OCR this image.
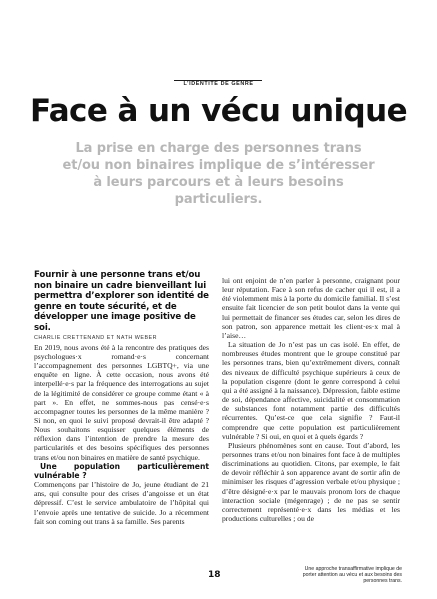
L’IDENTITÉ DE GENRE
Face à un vécu unique
La prise en charge des personnes trans et/ou non binaires implique de s’intéresser à leurs parcours et à leurs besoins particuliers.

Fournir à une personne trans et/ou non binaire un cadre bienveillant lui permettra d’explorer son identité de genre en toute sécurité, et de développer une image positive de soi.

CHARLIE CRETTENAND ET NATH WEBER

En 2019, nous avons été à la rencontre des pratiques des psychologues·x romand·e·s concernant l’accompagnement des personnes LGBTQ+, via une enquête en ligne. À cette occasion, nous avons été interpellé·e·s par la fréquence des interrogations au sujet de la légitimité de considérer ce groupe comme étant « à part ». En effet, ne sommes-nous pas censé·e·s accompagner toutes les personnes de la même manière ? Si non, en quoi le suivi proposé devrait-il être adapté ? Nous souhaitons esquisser quelques éléments de réflexion dans l’intention de prendre la mesure des particularités et des besoins spécifiques des personnes trans et/ou non binaires en matière de santé psychique.

Une population particulièrement vulnérable ?

Commençons par l’histoire de Jo, jeune étudiant de 21 ans, qui consulte pour des crises d’angoisse et un état dépressif. C’est le service ambulatoire de l’hôpital qui l’envoie après une tentative de suicide. Jo a récemment fait son coming out trans à sa famille. Ses parents

lui ont enjoint de n’en parler à personne, craignant pour leur réputation. Face à son refus de cacher qui il est, il a été violemment mis à la porte du domicile familial. Il s’est ensuite fait licencier de son petit boulot dans la vente qui lui permettait de financer ses études car, selon les dires de son patron, son apparence mettait les client·es·x mal à l’aise…

La situation de Jo n’est pas un cas isolé. En effet, de nombreuses études montrent que le groupe constitué par les personnes trans, bien qu’extrêmement divers, connaît des niveaux de difficulté psychique supérieurs à ceux de la population cisgenre (dont le genre correspond à celui qui a été assigné à la naissance). Dépression, faible estime de soi, dépendance affective, suicidalité et consommation de substances font notamment partie des difficultés récurrentes. Qu’est-ce que cela signifie ? Faut-il comprendre que cette population est particulièrement vulnérable ? Si oui, en quoi et à quels égards ?

Plusieurs phénomènes sont en cause. Tout d’abord, les personnes trans et/ou non binaires font face à de multiples discriminations au quotidien. Citons, par exemple, le fait de devoir réfléchir à son apparence avant de sortir afin de minimiser les risques d’agression verbale et/ou physique ; d’être désigné·e·x par le mauvais pronom lors de chaque interaction sociale (mégenrage) ; de ne pas se sentir correctement représenté·e·x dans les médias et les productions culturelles ; ou de

18
Une approche transaffirmative implique de porter attention au vécu et aux besoins des personnes trans.
